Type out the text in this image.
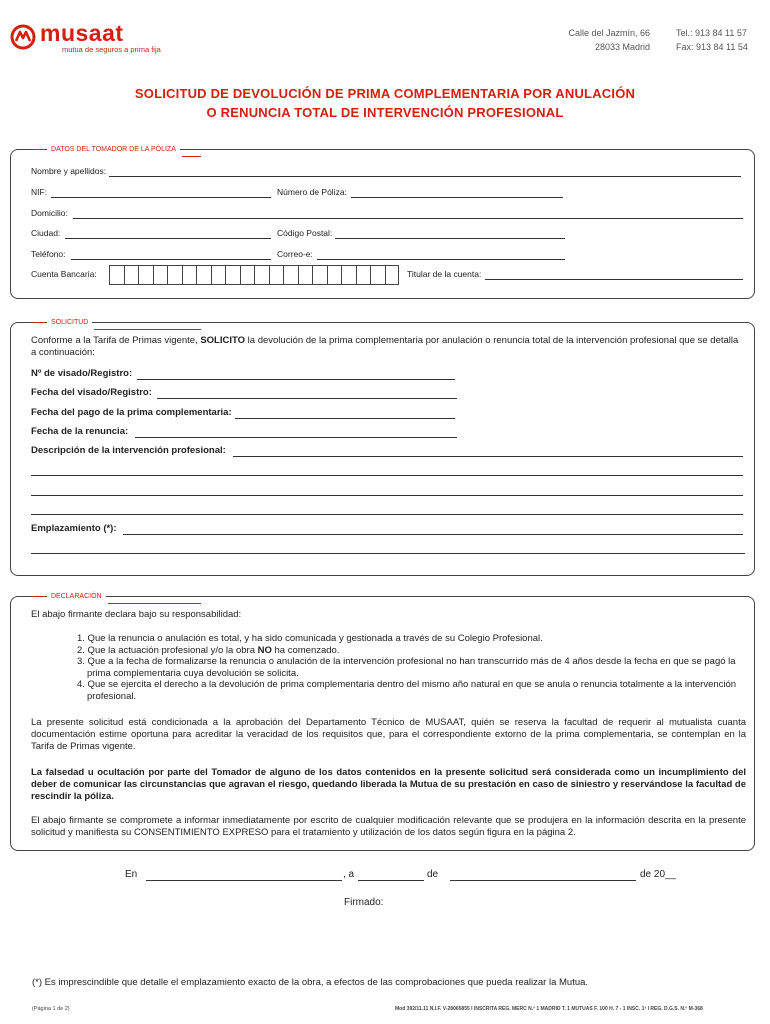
musaat
mutua de seguros a prima fija
Calle del Jazmín, 66
28033 Madrid
Tel.: 913 84 11 57
Fax: 913 84 11 54
SOLICITUD DE DEVOLUCIÓN DE PRIMA COMPLEMENTARIA POR ANULACIÓN
O RENUNCIA TOTAL DE INTERVENCIÓN PROFESIONAL
DATOS DEL TOMADOR DE LA PÓLIZA
Nombre y apellidos:
NIF:	Número de Póliza:
Domicilio:
Ciudad:	Código Postal:
Teléfono:	Correo-e:
Cuenta Bancaria:	Titular de la cuenta:
SOLICITUD
Conforme a la Tarifa de Primas vigente, SOLICITO la devolución de la prima complementaria por anulación o renuncia total de la intervención profesional que se detalla a continuación:
Nº de visado/Registro:
Fecha del visado/Registro:
Fecha del pago de la prima complementaria:
Fecha de la renuncia:
Descripción de la intervención profesional:
Emplazamiento (*):
DECLARACIÓN
El abajo firmante declara bajo su responsabilidad:
1. Que la renuncia o anulación es total, y ha sido comunicada y gestionada a través de su Colegio Profesional.
2. Que la actuación profesional y/o la obra NO ha comenzado.
3. Que a la fecha de formalizarse la renuncia o anulación de la intervención profesional no han transcurrido más de 4 años desde la fecha en que se pagó la prima complementaria cuya devolución se solicita.
4. Que se ejercita el derecho a la devolución de prima complementaria dentro del mismo año natural en que se anula o renuncia totalmente a la intervención profesional.
La presente solicitud está condicionada a la aprobación del Departamento Técnico de MUSAAT, quién se reserva la facultad de requerir al mutualista cuanta documentación estime oportuna para acreditar la veracidad de los requisitos que, para el correspondiente extorno de la prima complementaria, se contemplan en la Tarifa de Primas vigente.
La falsedad u ocultación por parte del Tomador de alguno de los datos contenidos en la presente solicitud será considerada como un incumplimiento del deber de comunicar las circunstancias que agravan el riesgo, quedando liberada la Mutua de su prestación en caso de siniestro y reservándose la facultad de rescindir la póliza.
El abajo firmante se compromete a informar inmediatamente por escrito de cualquier modificación relevante que se produjera en la información descrita en la presente solicitud y manifiesta su CONSENTIMIENTO EXPRESO para el tratamiento y utilización de los datos según figura en la página 2.
En	, a	de	de 20__
Firmado:
(*) Es imprescindible que detalle el emplazamiento exacto de la obra, a efectos de las comprobaciones que pueda realizar la Mutua.
(Página 1 de 2)	Mod 392/11.11 N.I.F. V-28065855 I INSCRITA REG. MERC N.º 1 MADRID T. 1 MUTUAS F. 100 H. 7 - 1 INSC. 1ª I REG. D.G.S. N.º M-368
